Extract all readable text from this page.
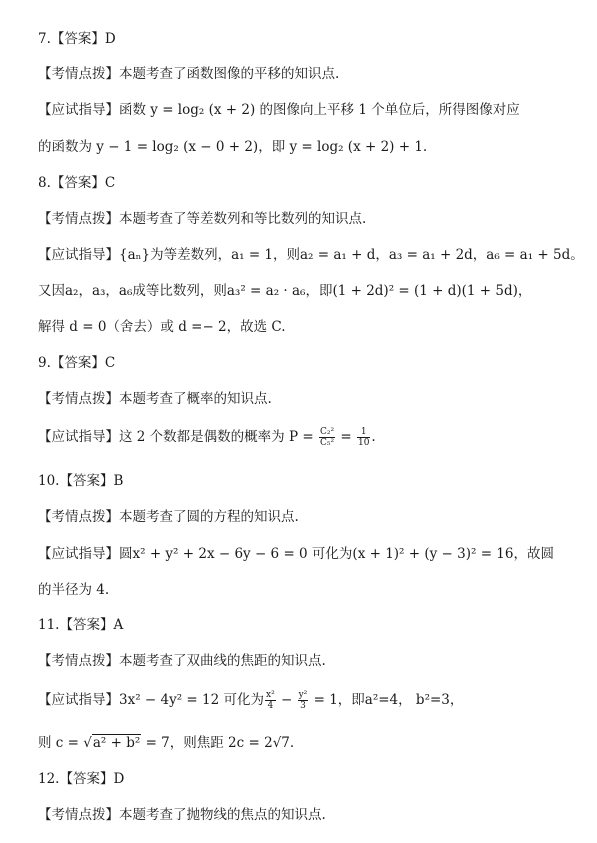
7.【答案】D
【考情点拨】本题考查了函数图像的平移的知识点.
【应试指导】函数 y = log₂ (x + 2) 的图像向上平移 1 个单位后，所得图像对应
的函数为 y − 1 = log₂ (x − 0 + 2)，即 y = log₂ (x + 2) + 1.
8.【答案】C
【考情点拨】本题考查了等差数列和等比数列的知识点.
【应试指导】{aₙ}为等差数列，a₁ = 1，则a₂ = a₁ + d，a₃ = a₁ + 2d，a₆ = a₁ + 5d。
又因a₂，a₃，a₆成等比数列，则a₃² = a₂ · a₆，即(1 + 2d)² = (1 + d)(1 + 5d)，
解得 d = 0（舍去）或 d =− 2，故选 C.
9.【答案】C
【考情点拨】本题考查了概率的知识点.
【应试指导】这 2 个数都是偶数的概率为 $P = \frac{\text{C₂²}}{\text{C₅²}} = \frac{1}{10}$ .
10.【答案】B
【考情点拨】本题考查了圆的方程的知识点.
【应试指导】圆x² + y² + 2x − 6y − 6 = 0 可化为(x + 1)² + (y − 3)² = 16，故圆
的半径为 4.
11.【答案】A
【考情点拨】本题考查了双曲线的焦距的知识点.
【应试指导】3x² − 4y² = 12 可化为 $\frac{\text{x²}}{4} - \frac{\text{y²}}{3} = 1$，即a²=4， b²=3，
则 c = √a² + b² = 7，则焦距 2c = 2√7.
12.【答案】D
【考情点拨】本题考查了抛物线的焦点的知识点.
